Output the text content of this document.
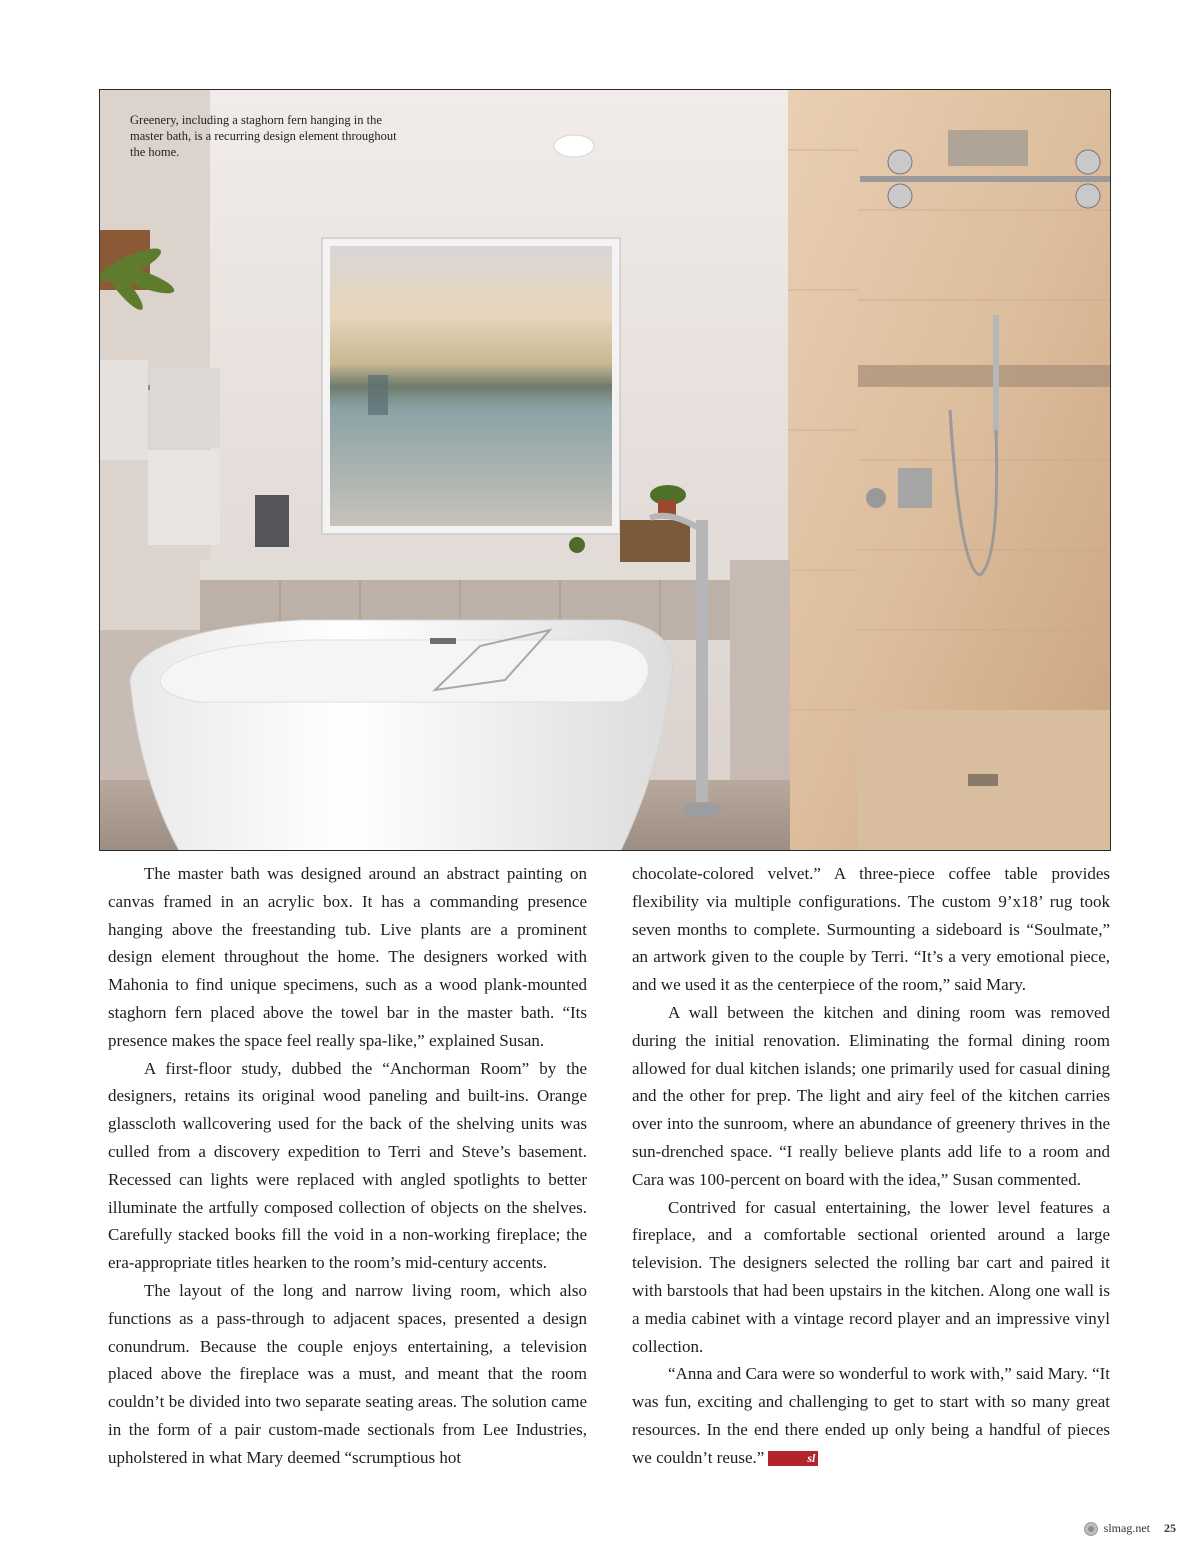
Greenery, including a staghorn fern hanging in the master bath, is a recurring design element throughout the home.

The master bath was designed around an abstract painting on canvas framed in an acrylic box. It has a commanding presence hanging above the freestanding tub. Live plants are a prominent design element throughout the home. The designers worked with Mahonia to find unique specimens, such as a wood plank-mounted staghorn fern placed above the towel bar in the master bath. “Its presence makes the space feel really spa-like,” explained Susan.

A first-floor study, dubbed the “Anchorman Room” by the designers, retains its original wood paneling and built-ins. Orange glasscloth wallcovering used for the back of the shelving units was culled from a discovery expedition to Terri and Steve’s basement. Recessed can lights were replaced with angled spotlights to better illuminate the artfully composed collection of objects on the shelves. Carefully stacked books fill the void in a non-working fireplace; the era-appropriate titles hearken to the room’s mid-century accents.

The layout of the long and narrow living room, which also functions as a pass-through to adjacent spaces, presented a design conundrum. Because the couple enjoys entertaining, a television placed above the fireplace was a must, and meant that the room couldn’t be divided into two separate seating areas. The solution came in the form of a pair custom-made sectionals from Lee Industries, upholstered in what Mary deemed “scrumptious hot

chocolate-colored velvet.” A three-piece coffee table provides flexibility via multiple configurations. The custom 9’x18’ rug took seven months to complete. Surmounting a sideboard is “Soulmate,” an artwork given to the couple by Terri. “It’s a very emotional piece, and we used it as the centerpiece of the room,” said Mary.

A wall between the kitchen and dining room was removed during the initial renovation. Eliminating the formal dining room allowed for dual kitchen islands; one primarily used for casual dining and the other for prep. The light and airy feel of the kitchen carries over into the sunroom, where an abundance of greenery thrives in the sun-drenched space. “I really believe plants add life to a room and Cara was 100-percent on board with the idea,” Susan commented.

Contrived for casual entertaining, the lower level features a fireplace, and a comfortable sectional oriented around a large television. The designers selected the rolling bar cart and paired it with barstools that had been upstairs in the kitchen. Along one wall is a media cabinet with a vintage record player and an impressive vinyl collection.

“Anna and Cara were so wonderful to work with,” said Mary. “It was fun, exciting and challenging to get to start with so many great resources. In the end there ended up only being a handful of pieces we couldn’t reuse.”	sl

slmag.net 25
